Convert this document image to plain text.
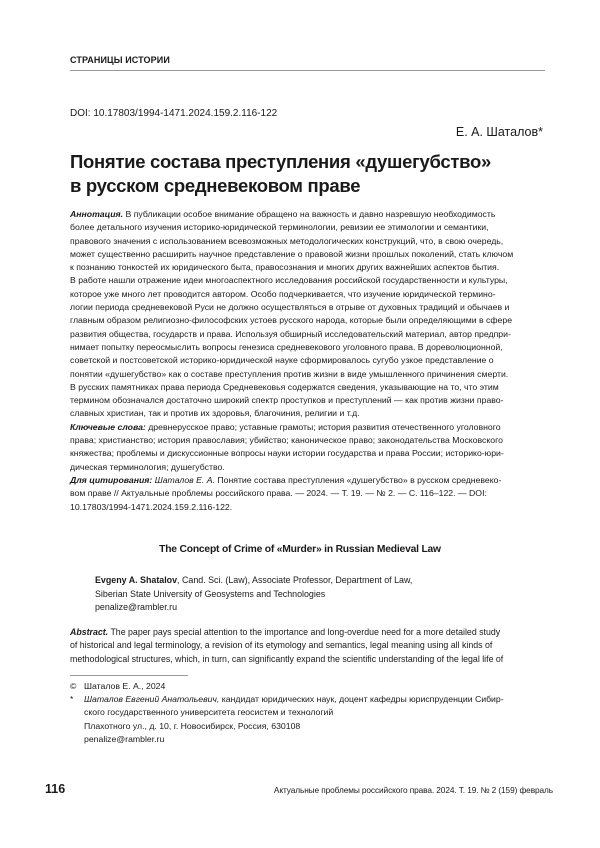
СТРАНИЦЫ ИСТОРИИ
DOI: 10.17803/1994-1471.2024.159.2.116-122
Е. А. Шаталов*
Понятие состава преступления «душегубство»
в русском средневековом праве
Аннотация. В публикации особое внимание обращено на важность и давно назревшую необходимость
более детального изучения историко-юридической терминологии, ревизии ее этимологии и семантики,
правового значения с использованием всевозможных методологических конструкций, что, в свою очередь,
может существенно расширить научное представление о правовой жизни прошлых поколений, стать ключом
к познанию тонкостей их юридического быта, правосознания и многих других важнейших аспектов бытия.
В работе нашли отражение идеи многоаспектного исследования российской государственности и культуры,
которое уже много лет проводится автором. Особо подчеркивается, что изучение юридической термино-
логии периода средневековой Руси не должно осуществляться в отрыве от духовных традиций и обычаев и
главным образом религиозно-философских устоев русского народа, которые были определяющими в сфере
развития общества, государств и права. Используя обширный исследовательский материал, автор предпри-
нимает попытку переосмыслить вопросы генезиса средневекового уголовного права. В дореволюционной,
советской и постсоветской историко-юридической науке сформировалось сугубо узкое представление о
понятии «душегубство» как о составе преступления против жизни в виде умышленного причинения смерти.
В русских памятниках права периода Средневековья содержатся сведения, указывающие на то, что этим
термином обозначался достаточно широкий спектр проступков и преступлений — как против жизни право-
славных христиан, так и против их здоровья, благочиния, религии и т.д.
Ключевые слова: древнерусское право; уставные грамоты; история развития отечественного уголовного
права; христианство; история православия; убийство; каноническое право; законодательства Московского
княжества; проблемы и дискуссионные вопросы науки истории государства и права России; историко-юри-
дическая терминология; душегубство.
Для цитирования: Шаталов Е. А. Понятие состава преступления «душегубство» в русском средневеко-
вом праве // Актуальные проблемы российского права. — 2024. — Т. 19. — № 2. — С. 116–122. — DOI:
10.17803/1994-1471.2024.159.2.116-122.
The Concept of Crime of «Murder» in Russian Medieval Law
Evgeny A. Shatalov, Cand. Sci. (Law), Associate Professor, Department of Law,
Siberian State University of Geosystems and Technologies
penalize@rambler.ru
Abstract. The paper pays special attention to the importance and long-overdue need for a more detailed study
of historical and legal terminology, a revision of its etymology and semantics, legal meaning using all kinds of
methodological structures, which, in turn, can significantly expand the scientific understanding of the legal life of
© Шаталов Е. А., 2024
* Шаталов Евгений Анатольевич, кандидат юридических наук, доцент кафедры юриспруденции Сибир-
ского государственного университета геосистем и технологий
Плахотного ул., д. 10, г. Новосибирск, Россия, 630108
penalize@rambler.ru
116	Актуальные проблемы российского права. 2024. Т. 19. № 2 (159) февраль
